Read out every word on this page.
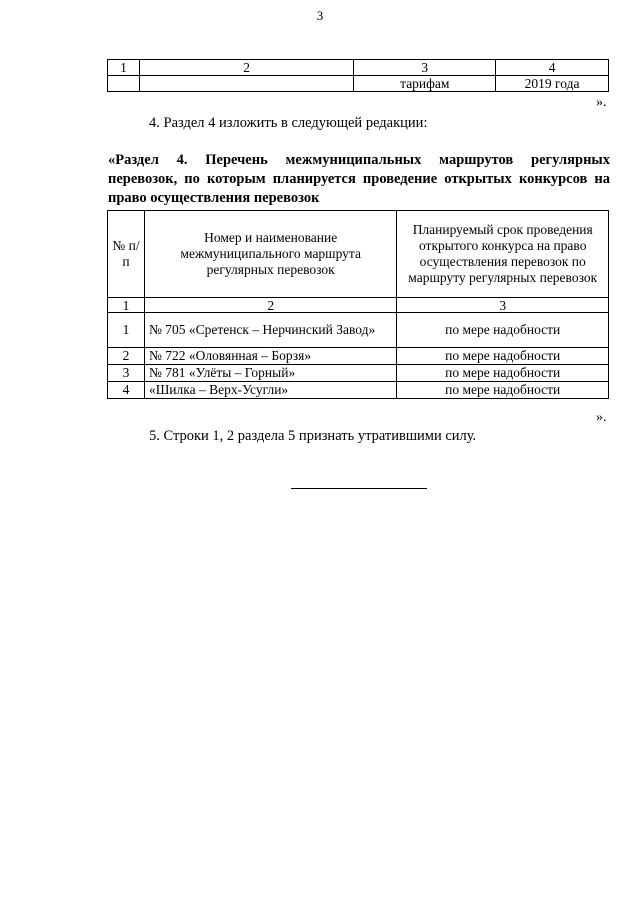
3
1	2	3	4
		тарифам	2019 года
».
4. Раздел 4 изложить в следующей редакции:
«Раздел 4. Перечень межмуниципальных маршрутов регулярных перевозок, по которым планируется проведение открытых конкурсов на право осуществления перевозок
№ п/п	Номер и наименование межмуниципального маршрута регулярных перевозок	Планируемый срок проведения открытого конкурса на право осуществления перевозок по маршруту регулярных перевозок
1	2	3
1	№ 705 «Сретенск – Нерчинский Завод»	по мере надобности
2	№ 722 «Оловянная – Борзя»	по мере надобности
3	№ 781 «Улёты – Горный»	по мере надобности
4	«Шилка – Верх-Усугли»	по мере надобности
».
5. Строки 1, 2 раздела 5 признать утратившими силу.
